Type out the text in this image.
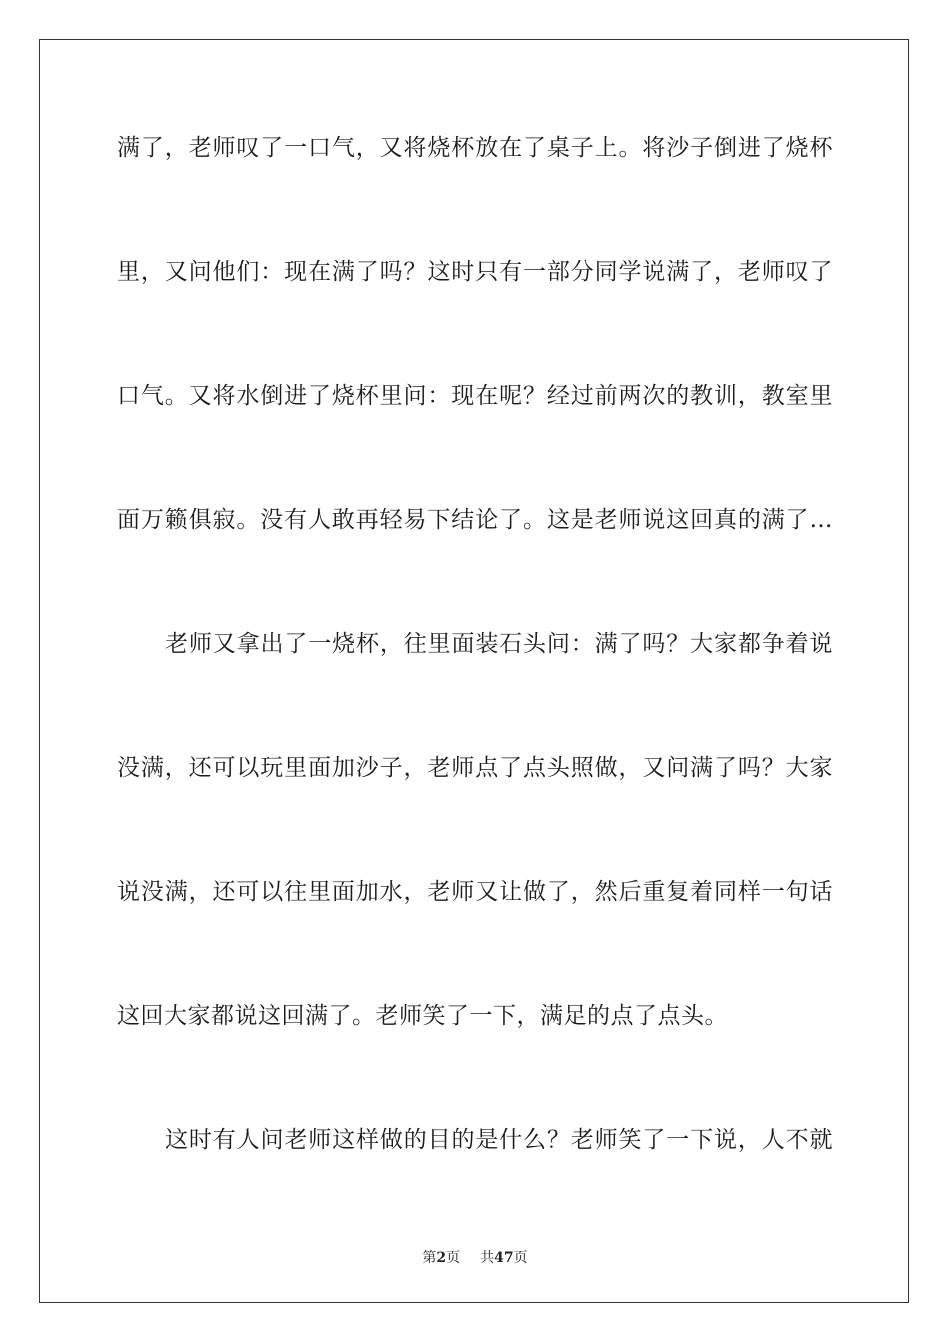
满了，老师叹了一口气，又将烧杯放在了桌子上。将沙子倒进了烧杯
里，又问他们：现在满了吗？这时只有一部分同学说满了，老师叹了
口气。又将水倒进了烧杯里问：现在呢？经过前两次的教训，教室里
面万籁俱寂。没有人敢再轻易下结论了。这是老师说这回真的满了…
老师又拿出了一烧杯，往里面装石头问：满了吗？大家都争着说
没满，还可以玩里面加沙子，老师点了点头照做，又问满了吗？大家
说没满，还可以往里面加水，老师又让做了，然后重复着同样一句话
这回大家都说这回满了。老师笑了一下，满足的点了点头。
这时有人问老师这样做的目的是什么？老师笑了一下说，人不就
第2页 共47页
